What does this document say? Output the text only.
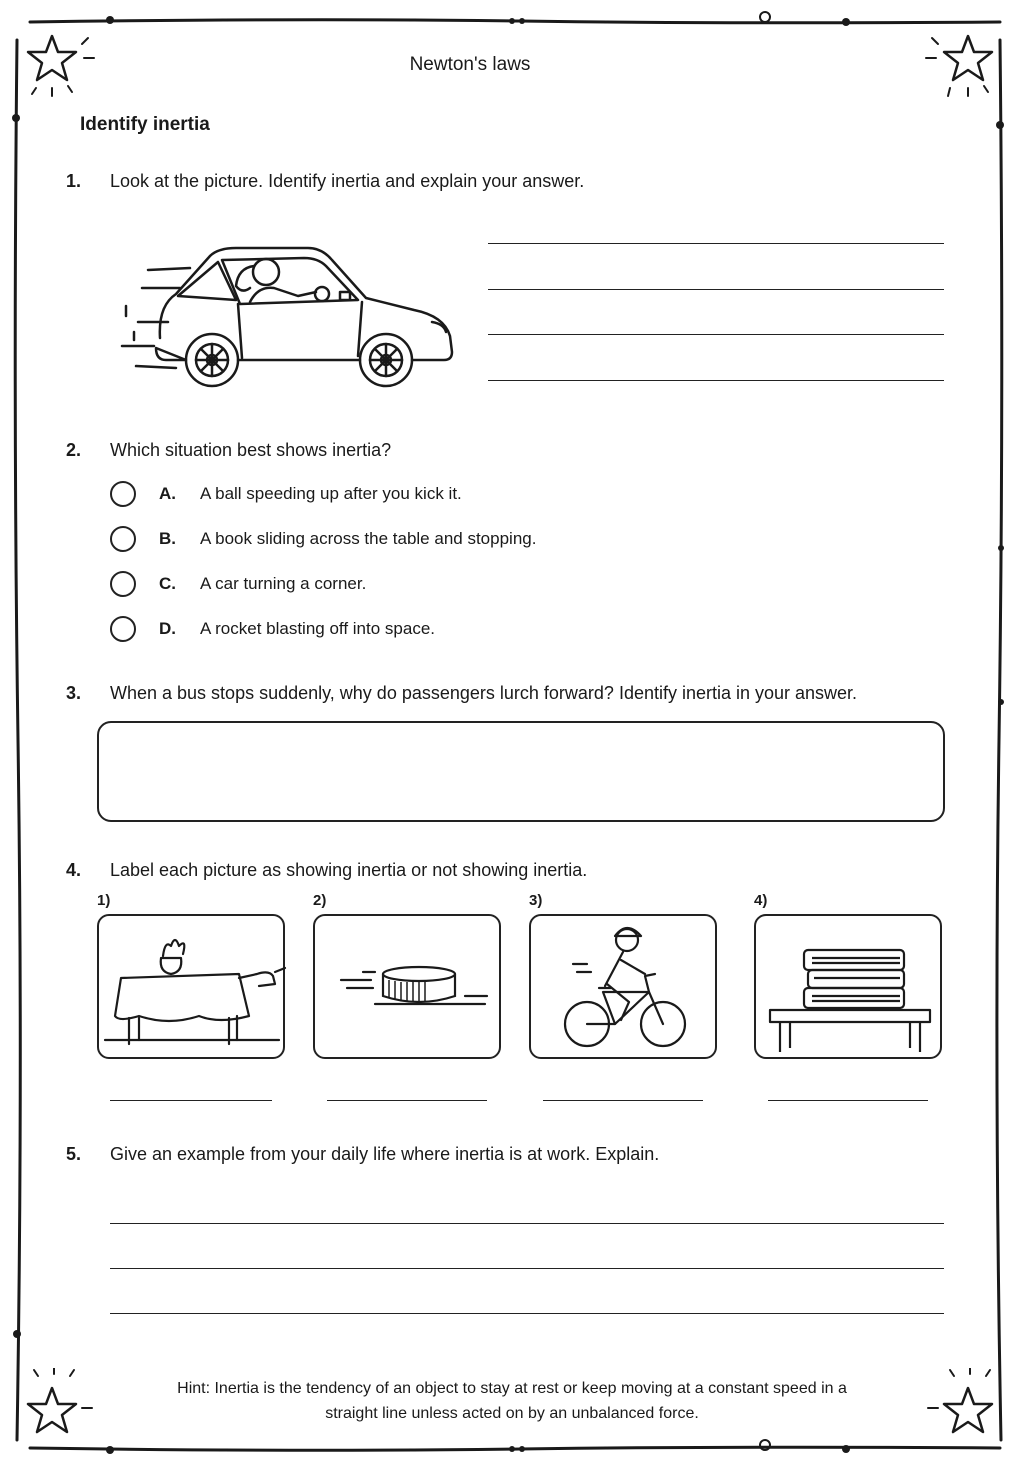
Newton's laws
Identify inertia
1. Look at the picture. Identify inertia and explain your answer.
2. Which situation best shows inertia?
A. A ball speeding up after you kick it.
B. A book sliding across the table and stopping.
C. A car turning a corner.
D. A rocket blasting off into space.
3. When a bus stops suddenly, why do passengers lurch forward? Identify inertia in your answer.
4. Label each picture as showing inertia or not showing inertia.
1)	2)	3)	4)
5. Give an example from your daily life where inertia is at work. Explain.
Hint: Inertia is the tendency of an object to stay at rest or keep moving at a constant speed in a
straight line unless acted on by an unbalanced force.
